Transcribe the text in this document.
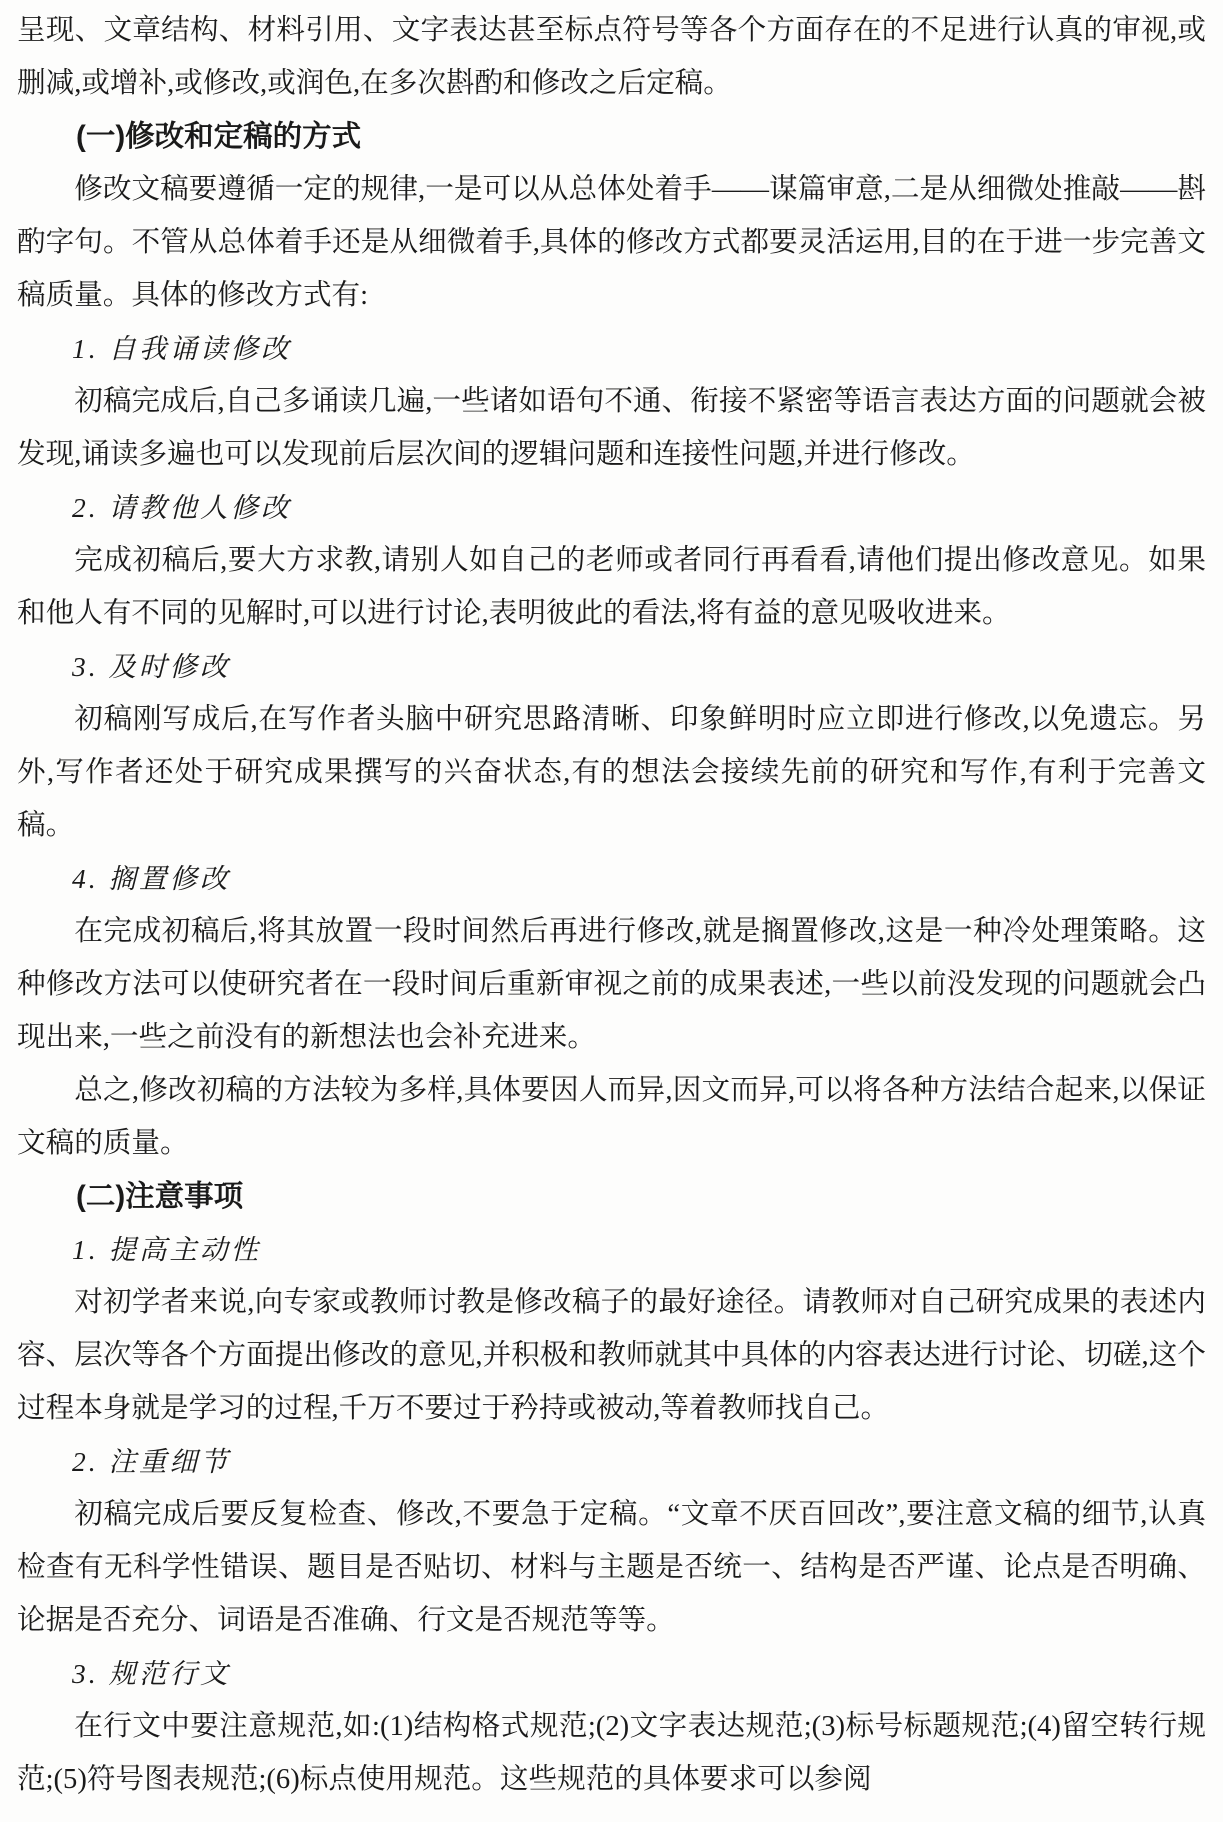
呈现、文章结构、材料引用、文字表达甚至标点符号等各个方面存在的不足进行认真的审视,或删减,或增补,或修改,或润色,在多次斟酌和修改之后定稿。
(一)修改和定稿的方式
修改文稿要遵循一定的规律,一是可以从总体处着手——谋篇审意,二是从细微处推敲——斟酌字句。不管从总体着手还是从细微着手,具体的修改方式都要灵活运用,目的在于进一步完善文稿质量。具体的修改方式有:
1. 自我诵读修改
初稿完成后,自己多诵读几遍,一些诸如语句不通、衔接不紧密等语言表达方面的问题就会被发现,诵读多遍也可以发现前后层次间的逻辑问题和连接性问题,并进行修改。
2. 请教他人修改
完成初稿后,要大方求教,请别人如自己的老师或者同行再看看,请他们提出修改意见。如果和他人有不同的见解时,可以进行讨论,表明彼此的看法,将有益的意见吸收进来。
3. 及时修改
初稿刚写成后,在写作者头脑中研究思路清晰、印象鲜明时应立即进行修改,以免遗忘。另外,写作者还处于研究成果撰写的兴奋状态,有的想法会接续先前的研究和写作,有利于完善文稿。
4. 搁置修改
在完成初稿后,将其放置一段时间然后再进行修改,就是搁置修改,这是一种冷处理策略。这种修改方法可以使研究者在一段时间后重新审视之前的成果表述,一些以前没发现的问题就会凸现出来,一些之前没有的新想法也会补充进来。
总之,修改初稿的方法较为多样,具体要因人而异,因文而异,可以将各种方法结合起来,以保证文稿的质量。
(二)注意事项
1. 提高主动性
对初学者来说,向专家或教师讨教是修改稿子的最好途径。请教师对自己研究成果的表述内容、层次等各个方面提出修改的意见,并积极和教师就其中具体的内容表达进行讨论、切磋,这个过程本身就是学习的过程,千万不要过于矜持或被动,等着教师找自己。
2. 注重细节
初稿完成后要反复检查、修改,不要急于定稿。“文章不厌百回改”,要注意文稿的细节,认真检查有无科学性错误、题目是否贴切、材料与主题是否统一、结构是否严谨、论点是否明确、论据是否充分、词语是否准确、行文是否规范等等。
3. 规范行文
在行文中要注意规范,如:(1)结构格式规范;(2)文字表达规范;(3)标号标题规范;(4)留空转行规范;(5)符号图表规范;(6)标点使用规范。这些规范的具体要求可以参阅
